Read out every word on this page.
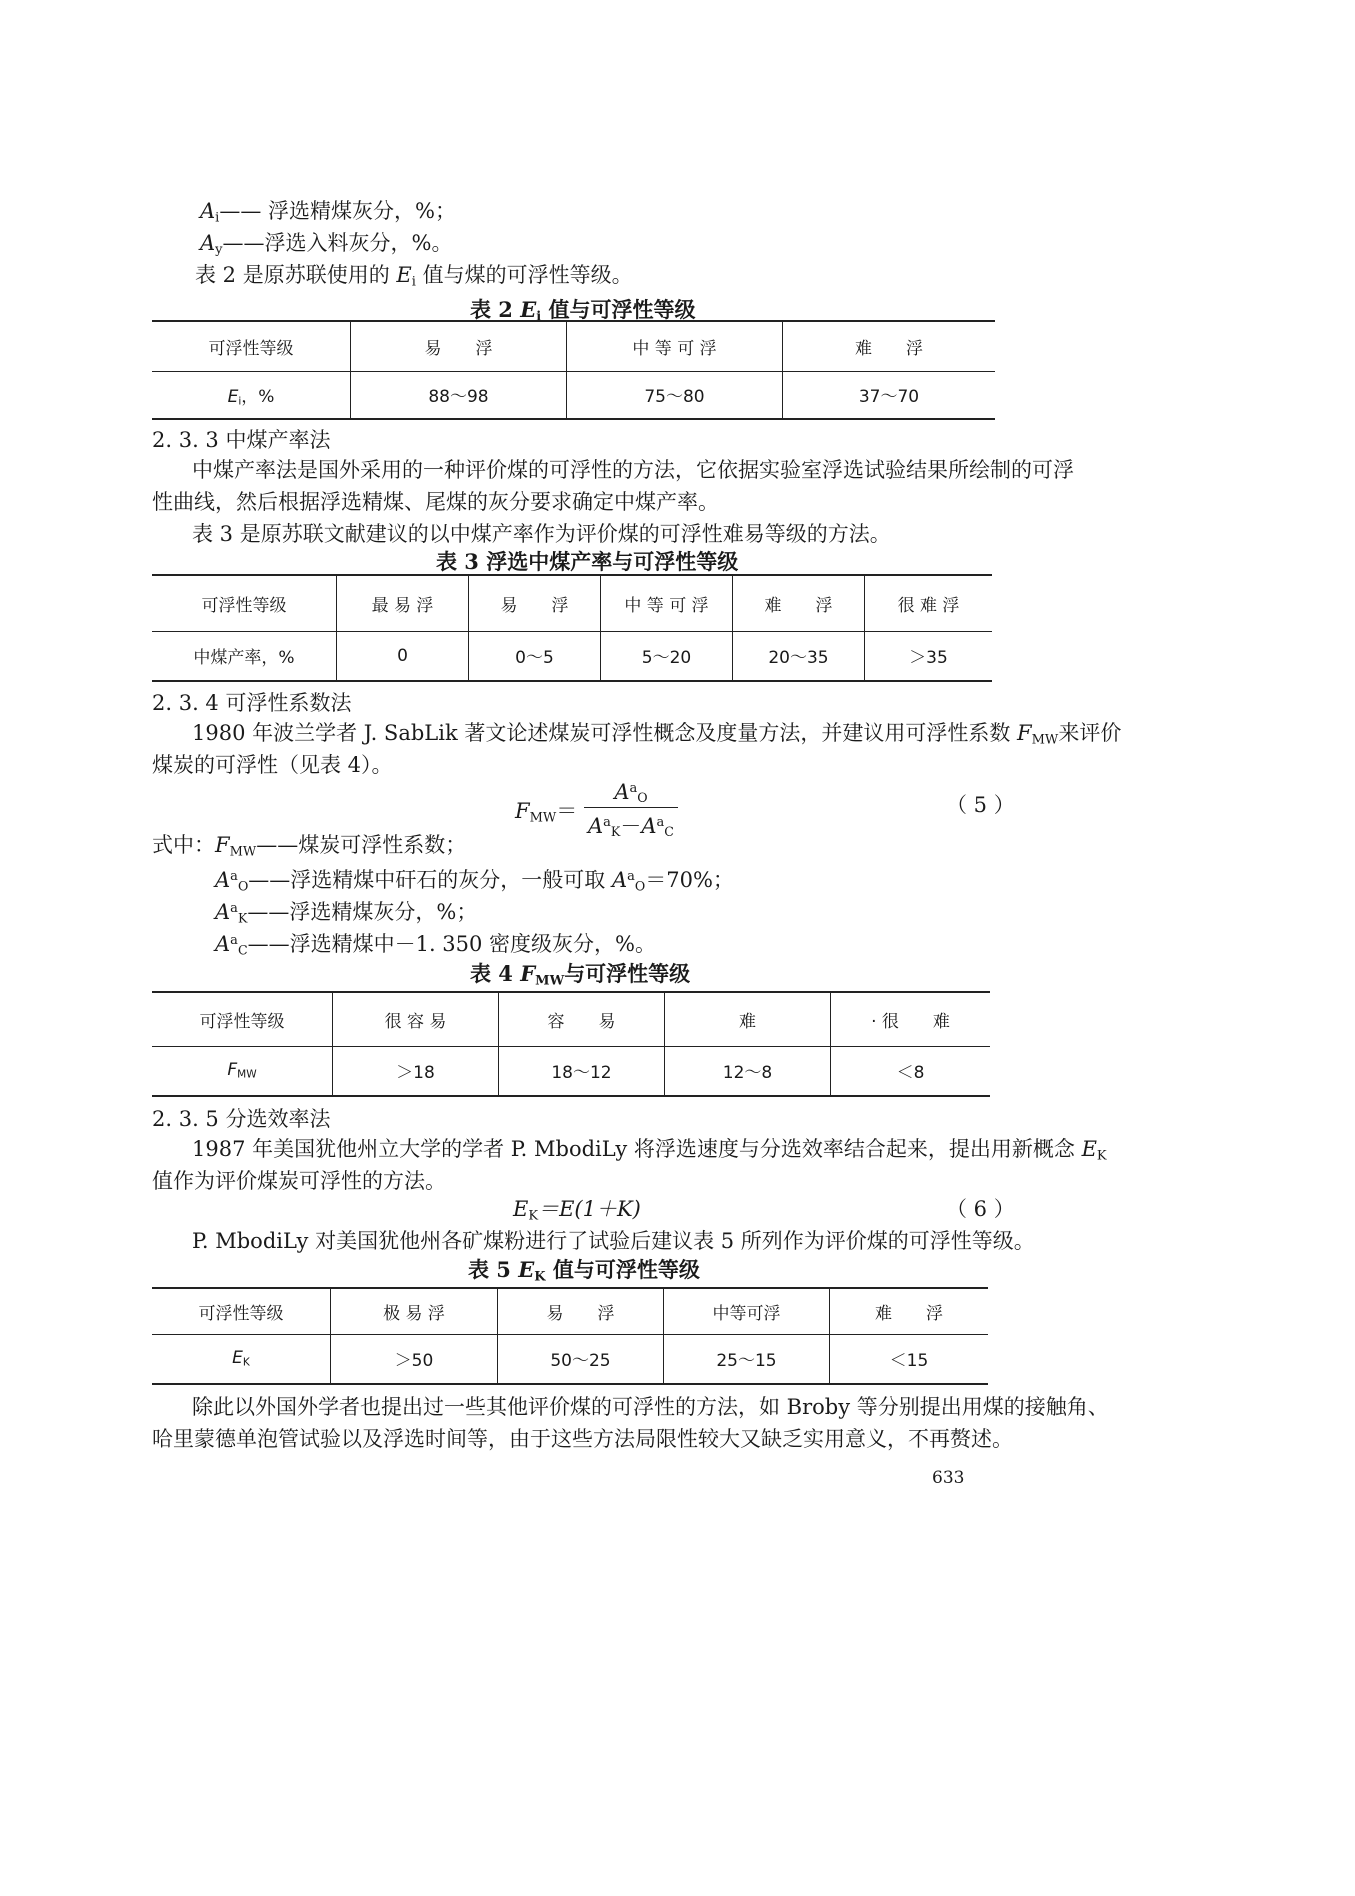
$A_i——$ 浮选精煤灰分，%；
$A_y——$浮选入料灰分，%。
表 2 是原苏联使用的 $E_i$ 值与煤的可浮性等级。
表 2 $E_i$ 值与可浮性等级
可浮性等级	易　　浮	中 等 可 浮	难　　浮
$E_i$，%	88～98	75～80	37～70
2. 3. 3 中煤产率法
中煤产率法是国外采用的一种评价煤的可浮性的方法，它依据实验室浮选试验结果所绘制的可浮
性曲线，然后根据浮选精煤、尾煤的灰分要求确定中煤产率。
表 3 是原苏联文献建议的以中煤产率作为评价煤的可浮性难易等级的方法。
表 3 浮选中煤产率与可浮性等级
可浮性等级	最 易 浮	易　　浮	中 等 可 浮	难　　浮	很 难 浮
中煤产率，%	0	0～5	5～20	20～35	＞35
2. 3. 4 可浮性系数法
1980 年波兰学者 J. SabLik 著文论述煤炭可浮性概念及度量方法，并建议用可浮性系数 $F_{MW}$来评价
煤炭的可浮性（见表 4）。
$F_{MW}= \frac{A^aO}{A^aK-A^aC}$	（ 5 ）
式中：$F_{MW}——$煤炭可浮性系数；
$A^aO——$浮选精煤中矸石的灰分，一般可取 $A^aO=70\%$；
$A^aK——$浮选精煤灰分，%；
$A^aC——$浮选精煤中－1. 350 密度级灰分，%。
表 4 $F_{MW}$与可浮性等级
可浮性等级	很 容 易	容　　易	难	· 很　　难
$F_{MW}$	＞18	18～12	12～8	＜8
2. 3. 5 分选效率法
1987 年美国犹他州立大学的学者 P. MbodiLy 将浮选速度与分选效率结合起来，提出用新概念 $E_K$
值作为评价煤炭可浮性的方法。
$E_K=E(1+K)$	（ 6 ）
P. MbodiLy 对美国犹他州各矿煤粉进行了试验后建议表 5 所列作为评价煤的可浮性等级。
表 5 $E_K$ 值与可浮性等级
可浮性等级	极 易 浮	易　　浮	中等可浮	难　　浮
$E_K$	＞50	50～25	25～15	＜15
除此以外国外学者也提出过一些其他评价煤的可浮性的方法，如 Broby 等分别提出用煤的接触角、
哈里蒙德单泡管试验以及浮选时间等，由于这些方法局限性较大又缺乏实用意义，不再赘述。
633
